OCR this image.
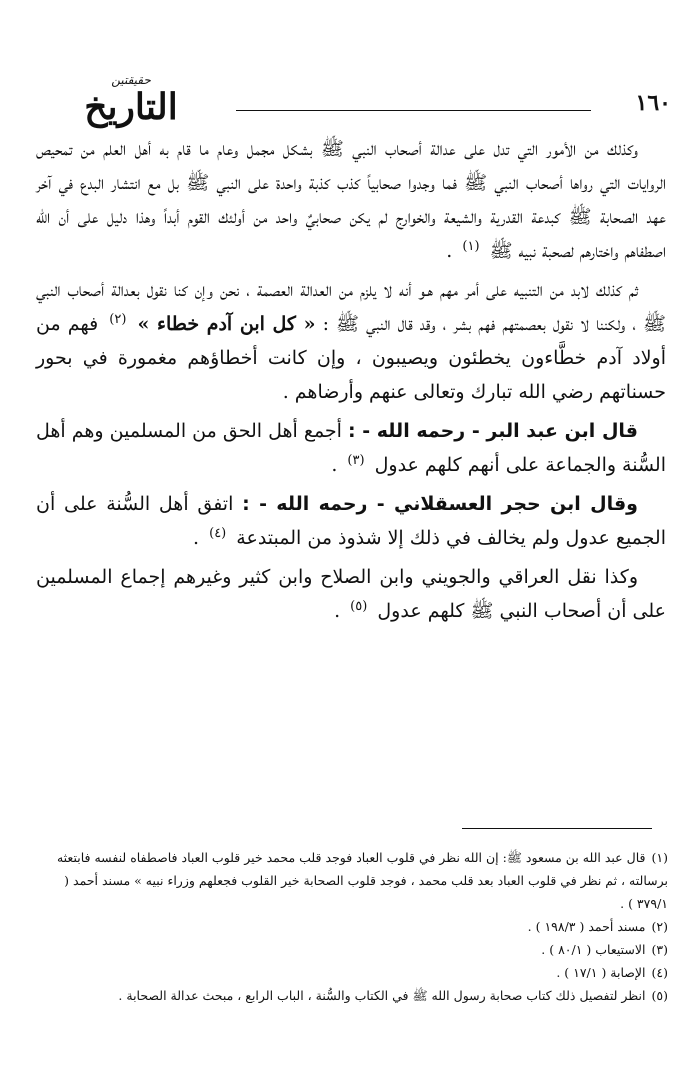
حقيقتين
التاريخ	١٦٠

وكذلك من الأمور التي تدل على عدالة أصحاب النبي ﷺ بشكل مجمل وعام ما قام به أهل العلم من تمحيص الروايات التي رواها أصحاب النبي ﷺ فما وجدوا صحابياً كذب كذبة واحدة على النبي ﷺ بل مع انتشار البدع في آخر عهد الصحابة ﷺ كبدعة القدرية والشيعة والخوارج لم يكن صحابيٌ واحد من أولئك القوم أبداً وهذا دليل على أن الله اصطفاهم واختارهم لصحبة نبيه ﷺ $^{(١)}$ .

ثم كذلك لابد من التنبيه على أمر مهم هـو أنه لا يلزم من العدالة العصمة ، نحن وإن كنا نقول بعدالة أصحاب النبي ﷺ ، ولكننا لا نقول بعصمتهم فهم بشر ، وقد قال النبي ﷺ : « كل ابن آدم خطاء » $^{(٢)}$ فهم من أولاد آدم خطَّاءون يخطئون ويصيبون ، وإن كانت أخطاؤهم مغمورة في بحور حسناتهم رضي الله تبارك وتعالى عنهم وأرضاهم .

قال ابن عبد البر - رحمه الله - : أجمع أهل الحق من المسلمين وهم أهل السُّنة والجماعة على أنهم كلهم عدول $^{(٣)}$ .

وقال ابن حجر العسقلاني - رحمه الله - : اتفق أهل السُّنة على أن الجميع عدول ولم يخالف في ذلك إلا شذوذ من المبتدعة $^{(٤)}$ .

وكذا نقل العراقي والجويني وابن الصلاح وابن كثير وغيرهم إجماع المسلمين على أن أصحاب النبي ﷺ كلهم عدول $^{(٥)}$ .

(١)قال عبد الله بن مسعود ﷺ: إن الله نظر في قلوب العباد فوجد قلب محمد خير قلوب العباد فاصطفاه لنفسه فابتعثه برسالته ، ثم نظر في قلوب العباد بعد قلب محمد ، فوجد قلوب الصحابة خير القلوب فجعلهم وزراء نبيه » مسند أحمد ( ٣٧٩/١ ) .

(٢)مسند أحمد ( ١٩٨/٣ ) .

(٣)الاستيعاب ( ٨٠/١ ) .

(٤)الإصابة ( ١٧/١ ) .

(٥)انظر لتفصيل ذلك كتاب صحابة رسول الله ﷺ في الكتاب والسُّنة ، الباب الرابع ، مبحث عدالة الصحابة .
